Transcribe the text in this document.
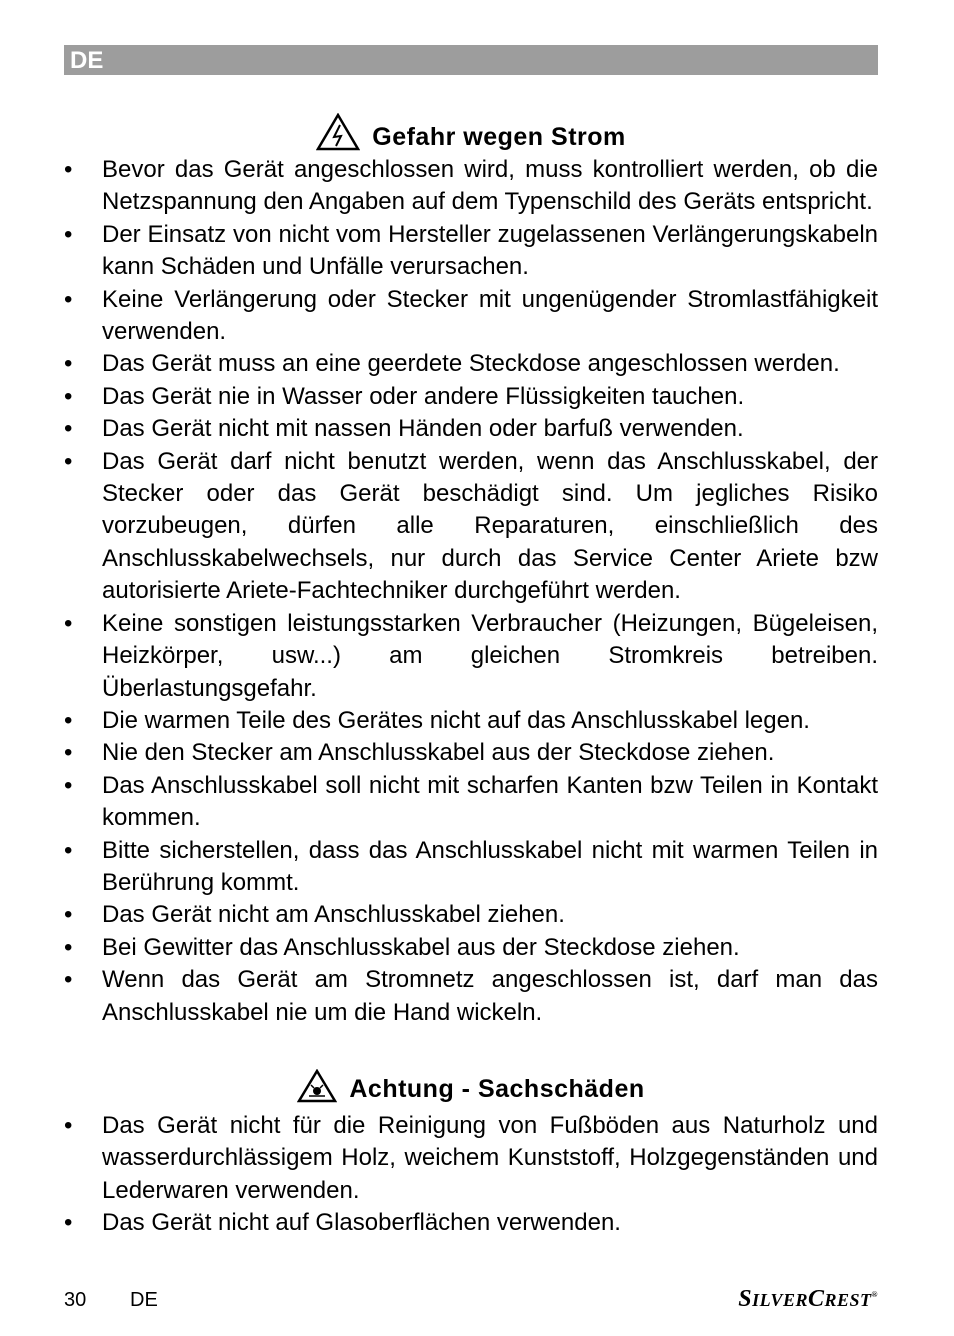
DE
Gefahr wegen Strom
• Bevor das Gerät angeschlossen wird, muss kontrolliert werden, ob die Netzspannung den Angaben auf dem Typenschild des Geräts entspricht.
• Der Einsatz von nicht vom Hersteller zugelassenen Verlängerungskabeln kann Schäden und Unfälle verursachen.
• Keine Verlängerung oder Stecker mit ungenügender Stromlastfähigkeit verwenden.
• Das Gerät muss an eine geerdete Steckdose angeschlossen werden.
• Das Gerät nie in Wasser oder andere Flüssigkeiten tauchen.
• Das Gerät nicht mit nassen Händen oder barfuß verwenden.
• Das Gerät darf nicht benutzt werden, wenn das Anschlusskabel, der Stecker oder das Gerät beschädigt sind. Um jegliches Risiko vorzubeugen, dürfen alle Reparaturen, einschließlich des Anschlusskabelwechsels, nur durch das Service Center Ariete bzw autorisierte Ariete-Fachtechniker durchgeführt werden.
• Keine sonstigen leistungsstarken Verbraucher (Heizungen, Bügeleisen, Heizkörper, usw...) am gleichen Stromkreis betreiben. Überlastungsgefahr.
• Die warmen Teile des Gerätes nicht auf das Anschlusskabel legen.
• Nie den Stecker am Anschlusskabel aus der Steckdose ziehen.
• Das Anschlusskabel soll nicht mit scharfen Kanten bzw Teilen in Kontakt kommen.
• Bitte sicherstellen, dass das Anschlusskabel nicht mit warmen Teilen in Berührung kommt.
• Das Gerät nicht am Anschlusskabel ziehen.
• Bei Gewitter das Anschlusskabel aus der Steckdose ziehen.
• Wenn das Gerät am Stromnetz angeschlossen ist, darf man das Anschlusskabel nie um die Hand wickeln.
Achtung - Sachschäden
• Das Gerät nicht für die Reinigung von Fußböden aus Naturholz und wasserdurchlässigem Holz, weichem Kunststoff, Holzgegenständen und Lederwaren verwenden.
• Das Gerät nicht auf Glasoberflächen verwenden.
30 DE	SILVERCREST®
